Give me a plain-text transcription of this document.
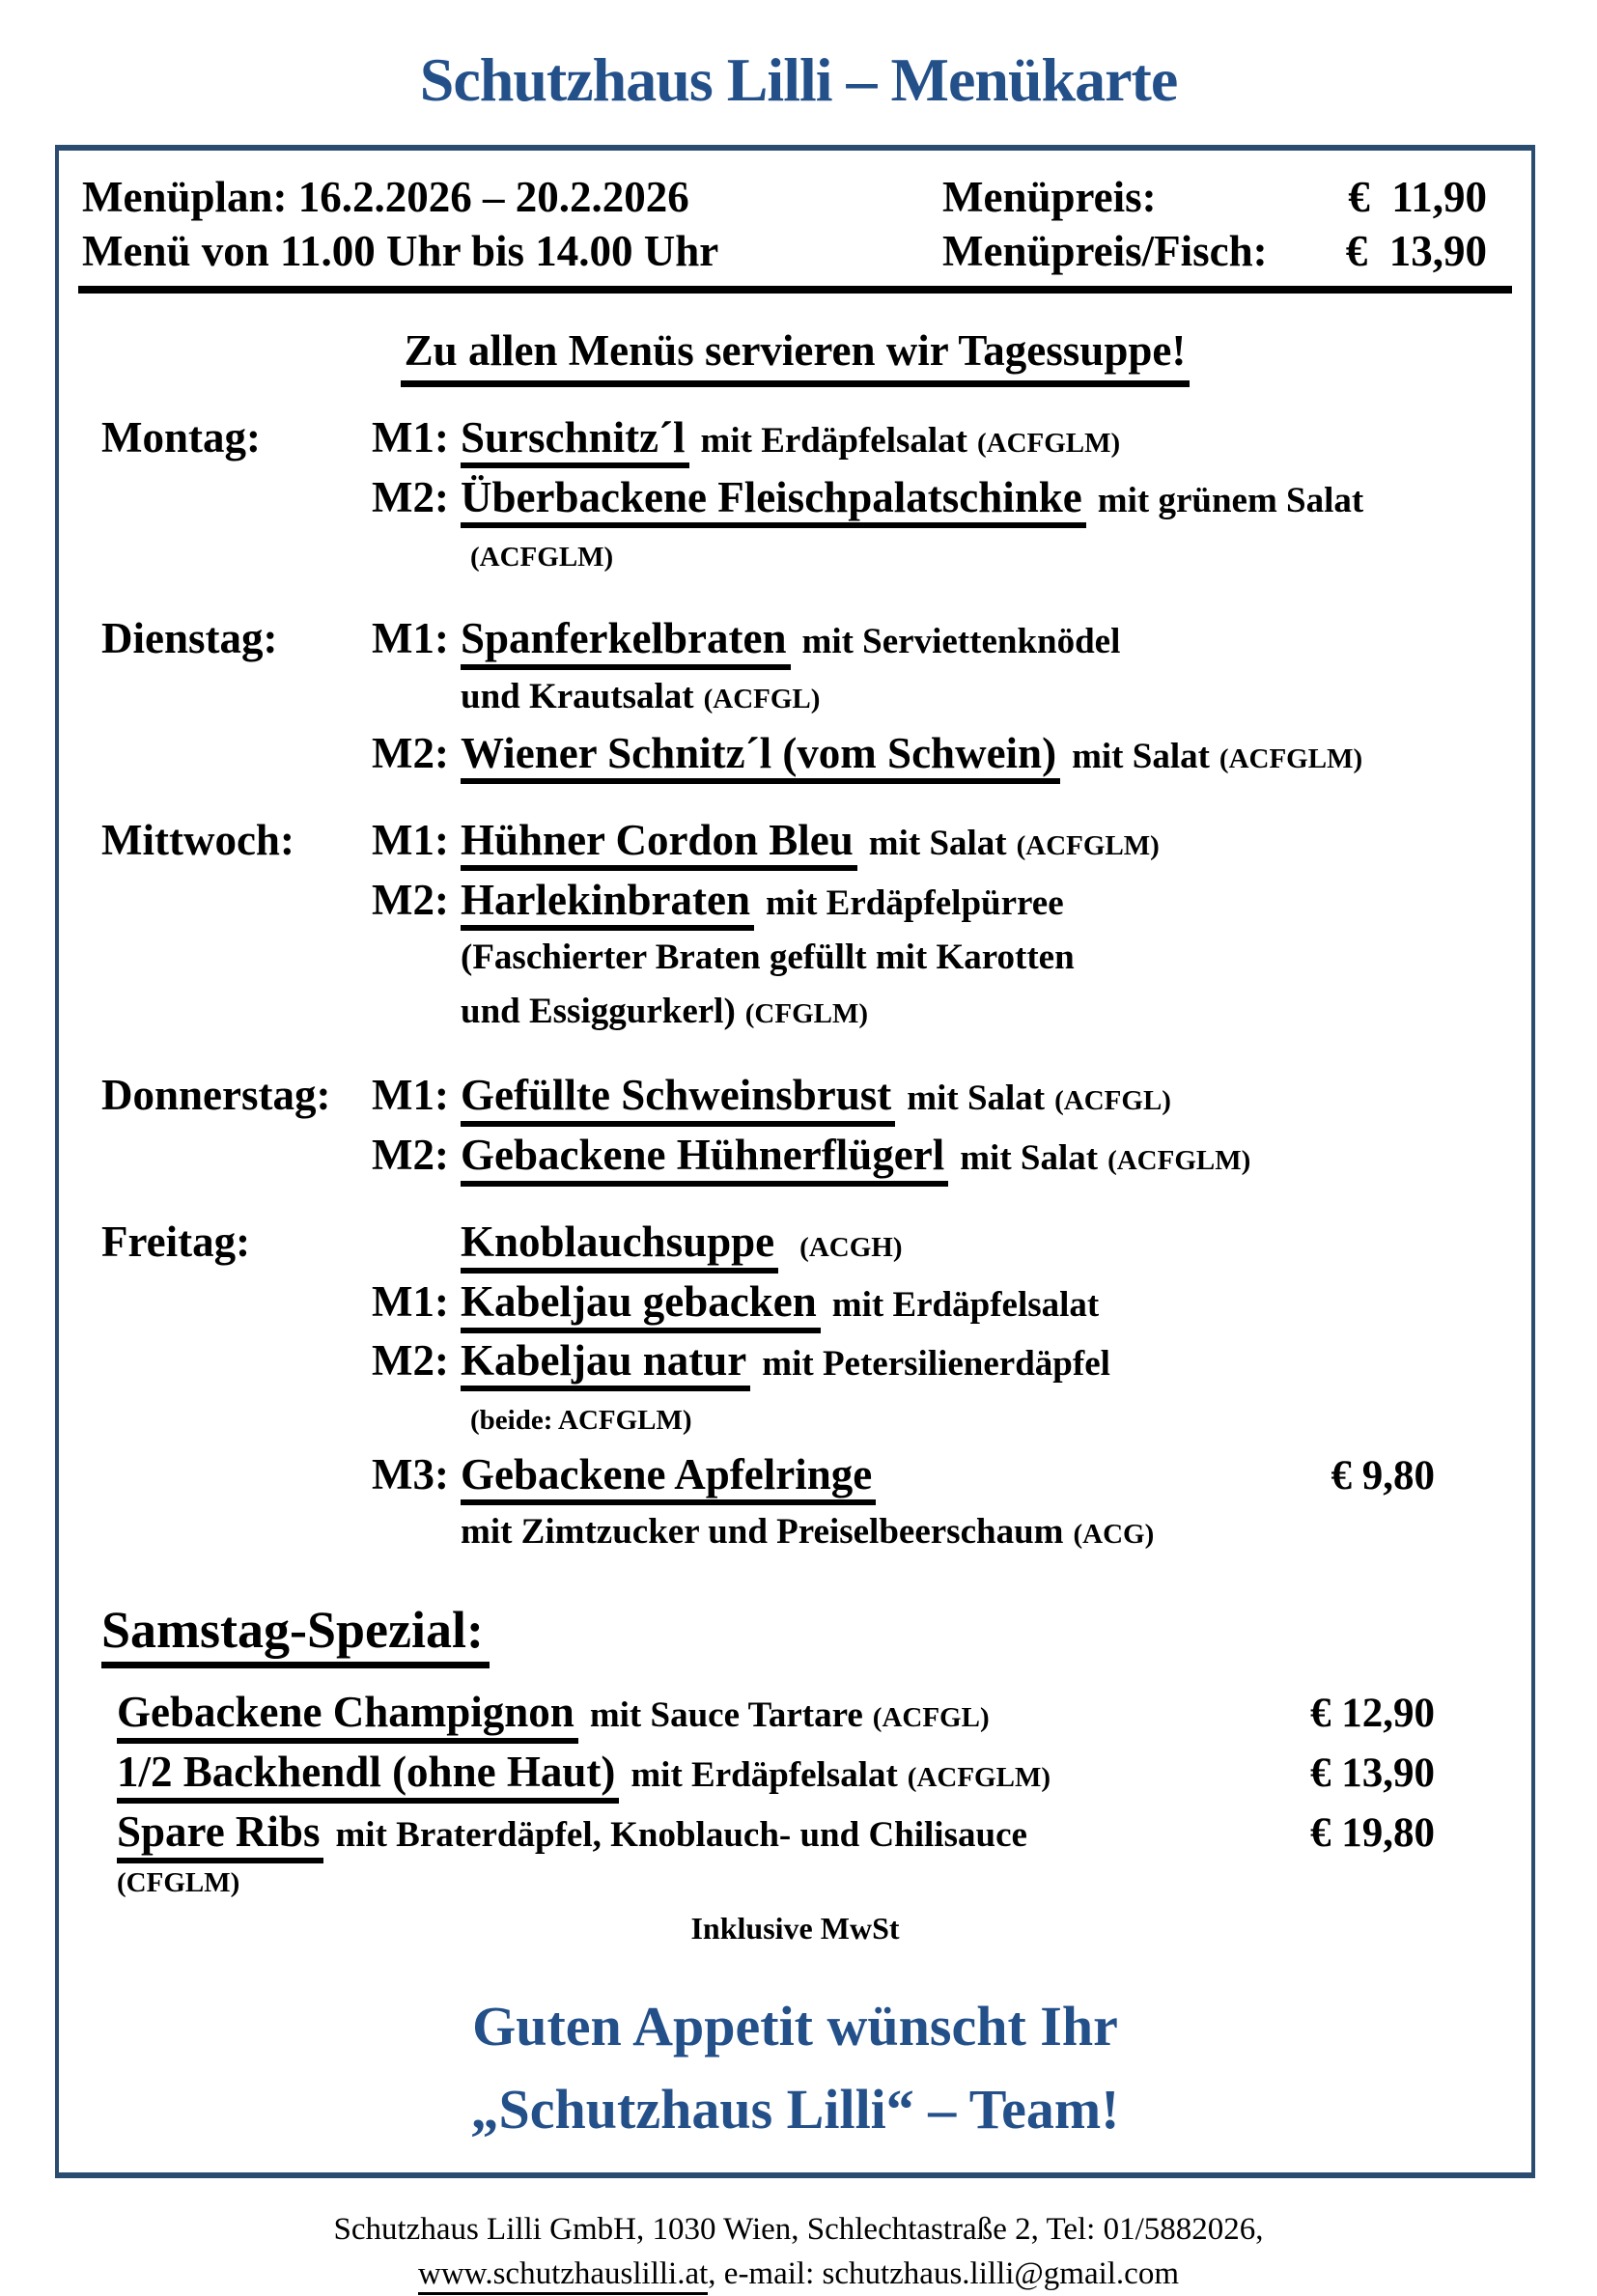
Schutzhaus Lilli – Menükarte
Menüplan: 16.2.2026 – 20.2.2026	Menüpreis:	€  11,90
Menü von 11.00 Uhr bis 14.00 Uhr	Menüpreis/Fisch:	€  13,90
Zu allen Menüs servieren wir Tagessuppe!
Montag:	M1: Surschnitz´l mit Erdäpfelsalat (ACFGLM)
M2: Überbackene Fleischpalatschinke mit grünem Salat
(ACFGLM)
Dienstag:	M1: Spanferkelbraten mit Serviettenknödel
und Krautsalat (ACFGL)
M2: Wiener Schnitz´l (vom Schwein) mit Salat (ACFGLM)
Mittwoch:	M1: Hühner Cordon Bleu mit Salat (ACFGLM)
M2: Harlekinbraten mit Erdäpfelpürree
(Faschierter Braten gefüllt mit Karotten
und Essiggurkerl) (CFGLM)
Donnerstag: M1: Gefüllte Schweinsbrust mit Salat (ACFGL)
M2: Gebackene Hühnerflügerl mit Salat (ACFGLM)
Freitag:	Knoblauchsuppe (ACGH)
M1: Kabeljau gebacken mit Erdäpfelsalat
M2: Kabeljau natur mit Petersilienerdäpfel
(beide: ACFGLM)
M3: Gebackene Apfelringe	€ 9,80
mit Zimtzucker und Preiselbeerschaum (ACG)
Samstag-Spezial:
Gebackene Champignon mit Sauce Tartare (ACFGL)	€ 12,90
1/2 Backhendl (ohne Haut) mit Erdäpfelsalat (ACFGLM)	€ 13,90
Spare Ribs mit Braterdäpfel, Knoblauch- und Chilisauce	€ 19,80
(CFGLM)
Inklusive MwSt
Guten Appetit wünscht Ihr
„Schutzhaus Lilli“ – Team!
Schutzhaus Lilli GmbH, 1030 Wien, Schlechtastraße 2, Tel: 01/5882026,
www.schutzhauslilli.at, e-mail: schutzhaus.lilli@gmail.com
